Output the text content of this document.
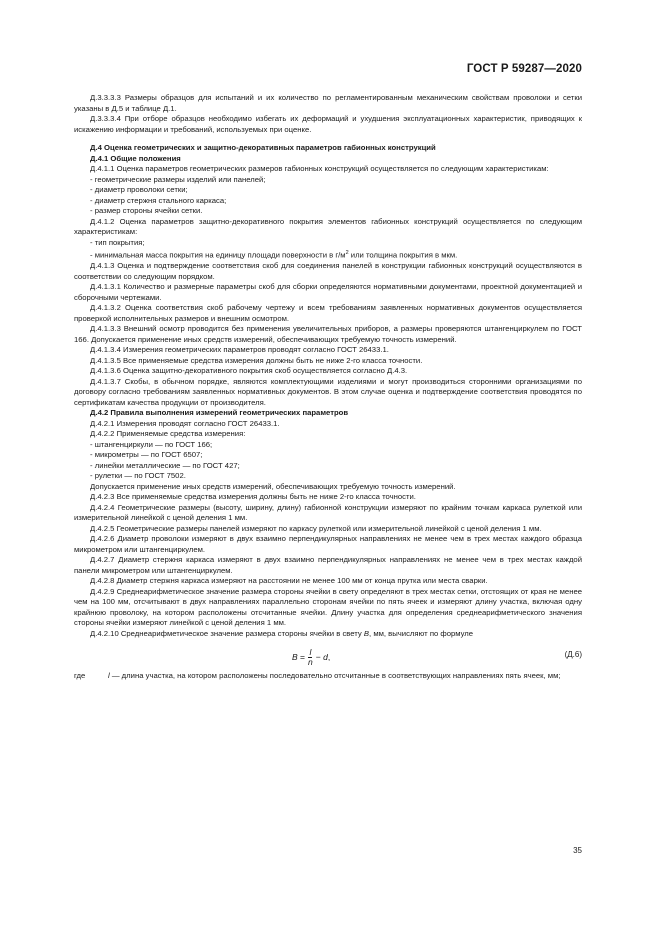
ГОСТ Р 59287—2020

Д.3.3.3.3 Размеры образцов для испытаний и их количество по регламентированным механическим свойствам проволоки и сетки указаны в Д.5 и таблице Д.1.

Д.3.3.3.4 При отборе образцов необходимо избегать их деформаций и ухудшения эксплуатационных характеристик, приводящих к искажению информации и требований, используемых при оценке.

Д.4 Оценка геометрических и защитно-декоративных параметров габионных конструкций

Д.4.1 Общие положения

Д.4.1.1 Оценка параметров геометрических размеров габионных конструкций осуществляется по следующим характеристикам:

- геометрические размеры изделий или панелей;

- диаметр проволоки сетки;

- диаметр стержня стального каркаса;

- размер стороны ячейки сетки.

Д.4.1.2 Оценка параметров защитно-декоративного покрытия элементов габионных конструкций осуществляется по следующим характеристикам:

- тип покрытия;

- минимальная масса покрытия на единицу площади поверхности в $г/м^2$ или толщина покрытия в мкм.

Д.4.1.3 Оценка и подтверждение соответствия скоб для соединения панелей в конструкции габионных конструкций осуществляются в соответствии со следующим порядком.

Д.4.1.3.1 Количество и размерные параметры скоб для сборки определяются нормативными документами, проектной документацией и сборочными чертежами.

Д.4.1.3.2 Оценка соответствия скоб рабочему чертежу и всем требованиям заявленных нормативных документов осуществляется проверкой исполнительных размеров и внешним осмотром.

Д.4.1.3.3 Внешний осмотр проводится без применения увеличительных приборов, а размеры проверяются штангенциркулем по ГОСТ 166. Допускается применение иных средств измерений, обеспечивающих требуемую точность измерений.

Д.4.1.3.4 Измерения геометрических параметров проводят согласно ГОСТ 26433.1.

Д.4.1.3.5 Все применяемые средства измерения должны быть не ниже 2-го класса точности.

Д.4.1.3.6 Оценка защитно-декоративного покрытия скоб осуществляется согласно Д.4.3.

Д.4.1.3.7 Скобы, в обычном порядке, являются комплектующими изделиями и могут производиться сторонними организациями по договору согласно требованиям заявленных нормативных документов. В этом случае оценка и подтверждение соответствия проводятся по сертификатам качества продукции от производителя.

Д.4.2 Правила выполнения измерений геометрических параметров

Д.4.2.1 Измерения проводят согласно ГОСТ 26433.1.

Д.4.2.2 Применяемые средства измерения:

- штангенциркули — по ГОСТ 166;

- микрометры — по ГОСТ 6507;

- линейки металлические — по ГОСТ 427;

- рулетки — по ГОСТ 7502.

Допускается применение иных средств измерений, обеспечивающих требуемую точность измерений.

Д.4.2.3 Все применяемые средства измерения должны быть не ниже 2-го класса точности.

Д.4.2.4 Геометрические размеры (высоту, ширину, длину) габионной конструкции измеряют по крайним точкам каркаса рулеткой или измерительной линейкой с ценой деления 1 мм.

Д.4.2.5 Геометрические размеры панелей измеряют по каркасу рулеткой или измерительной линейкой с ценой деления 1 мм.

Д.4.2.6 Диаметр проволоки измеряют в двух взаимно перпендикулярных направлениях не менее чем в трех местах каждого образца микрометром или штангенциркулем.

Д.4.2.7 Диаметр стержня каркаса измеряют в двух взаимно перпендикулярных направлениях не менее чем в трех местах каждой панели микрометром или штангенциркулем.

Д.4.2.8 Диаметр стержня каркаса измеряют на расстоянии не менее 100 мм от конца прутка или места сварки.

Д.4.2.9 Среднеарифметическое значение размера стороны ячейки в свету определяют в трех местах сетки, отстоящих от края не менее чем на 100 мм, отсчитывают в двух направлениях параллельно сторонам ячейки по пять ячеек и измеряют длину участка, включая одну крайнюю проволоку, на котором расположены отсчитанные ячейки. Длину участка для определения среднеарифметического значения стороны ячейки измеряют линейкой с ценой деления 1 мм.

Д.4.2.10 Среднеарифметическое значение размера стороны ячейки в свету B, мм, вычисляют по формуле

B
= $\frac{l}{n}$ −
d ,	(Д.6)
где	l — длина участка, на котором расположены последовательно отсчитанные в соответствующих направлениях пять ячеек, мм;
35
